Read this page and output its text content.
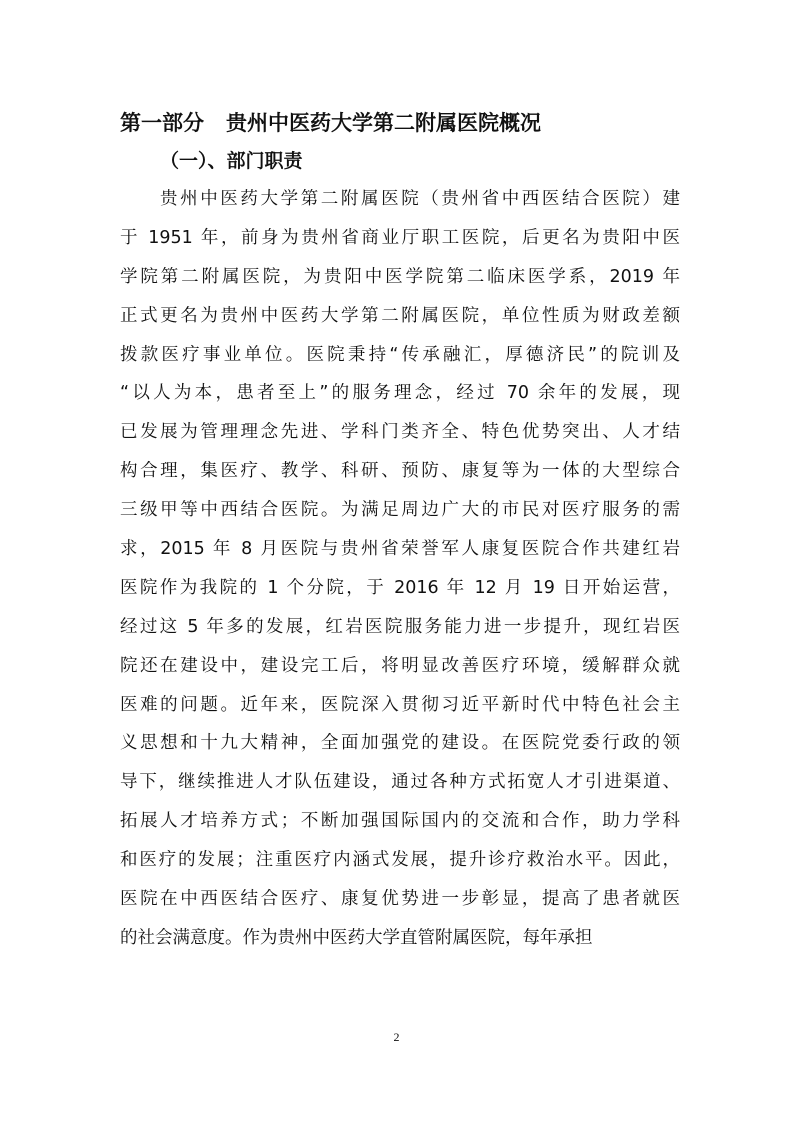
第一部分 贵州中医药大学第二附属医院概况
（一）、部门职责
贵州中医药大学第二附属医院（贵州省中西医结合医院）建
于 1951 年，前身为贵州省商业厅职工医院，后更名为贵阳中医
学院第二附属医院，为贵阳中医学院第二临床医学系，2019 年
正式更名为贵州中医药大学第二附属医院，单位性质为财政差额
拨款医疗事业单位。医院秉持“传承融汇，厚德济民”的院训及
“以人为本，患者至上”的服务理念，经过 70 余年的发展，现
已发展为管理理念先进、学科门类齐全、特色优势突出、人才结
构合理，集医疗、教学、科研、预防、康复等为一体的大型综合
三级甲等中西结合医院。为满足周边广大的市民对医疗服务的需
求，2015 年 8 月医院与贵州省荣誉军人康复医院合作共建红岩
医院作为我院的 1 个分院，于 2016 年 12 月 19 日开始运营，
经过这 5 年多的发展，红岩医院服务能力进一步提升，现红岩医
院还在建设中，建设完工后，将明显改善医疗环境，缓解群众就
医难的问题。近年来，医院深入贯彻习近平新时代中特色社会主
义思想和十九大精神，全面加强党的建设。在医院党委行政的领
导下，继续推进人才队伍建设，通过各种方式拓宽人才引进渠道、
拓展人才培养方式；不断加强国际国内的交流和合作，助力学科
和医疗的发展；注重医疗内涵式发展，提升诊疗救治水平。因此，
医院在中西医结合医疗、康复优势进一步彰显，提高了患者就医
的社会满意度。作为贵州中医药大学直管附属医院，每年承担
2
